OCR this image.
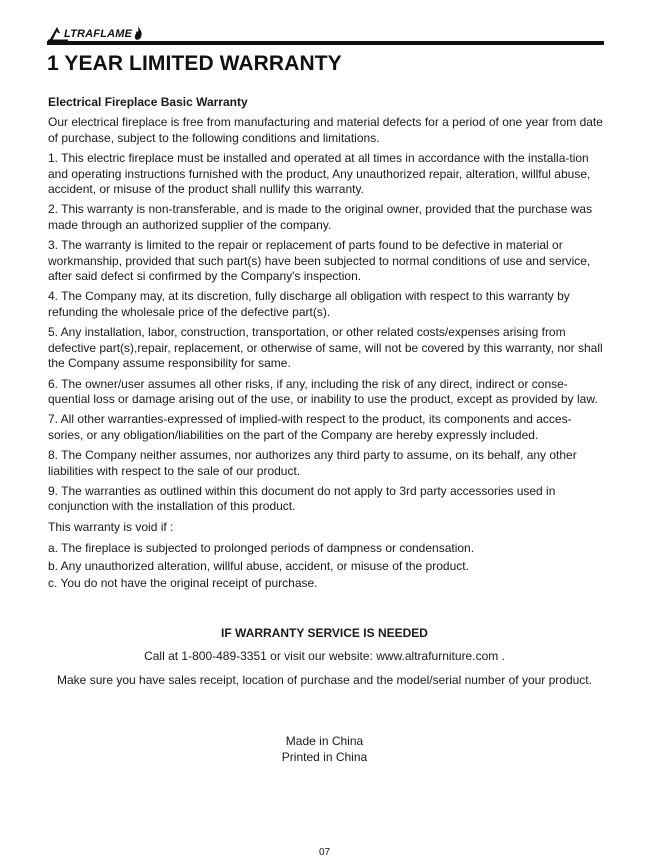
LTRAFLAME
1 YEAR LIMITED WARRANTY

Electrical Fireplace Basic Warranty

Our electrical fireplace is free from manufacturing and material defects for a period of one year from date of purchase, subject to the following conditions and limitations.

1. This electric fireplace must be installed and operated at all times in accordance with the installa-tion and operating instructions furnished with the product, Any unauthorized repair, alteration, willful abuse, accident, or misuse of the product shall nullify this warranty.

2. This warranty is non-transferable, and is made to the original owner, provided that the purchase was made through an authorized supplier of the company.

3. The warranty is limited to the repair or replacement of parts found to be defective in material or workmanship, provided that such part(s) have been subjected to normal conditions of use and service, after said defect si confirmed by the Company's inspection.

4. The Company may, at its discretion, fully discharge all obligation with respect to this warranty by refunding the wholesale price of the defective part(s).

5. Any installation, labor, construction, transportation, or other related costs/expenses arising from defective part(s),repair, replacement, or otherwise of same, will not be covered by this warranty, nor shall the Company assume responsibility for same.

6. The owner/user assumes all other risks, if any, including the risk of any direct, indirect or conse-quential loss or damage arising out of the use, or inability to use the product, except as provided by law.

7. All other warranties-expressed of implied-with respect to the product, its components and acces-sories, or any obligation/liabilities on the part of the Company are hereby expressly included.

8. The Company neither assumes, nor authorizes any third party to assume, on its behalf, any other liabilities with respect to the sale of our product.

9. The warranties as outlined within this document do not apply to 3rd party accessories used in conjunction with the installation of this product.

This warranty is void if :

a. The fireplace is subjected to prolonged periods of dampness or condensation.

b. Any unauthorized alteration, willful abuse, accident, or misuse of the product.

c. You do not have the original receipt of purchase.

IF WARRANTY SERVICE IS NEEDED
Call at 1-800-489-3351 or visit our website: www.altrafurniture.com .
Make sure you have sales receipt, location of purchase and the model/serial number of your product.
Made in China
Printed in China
07
